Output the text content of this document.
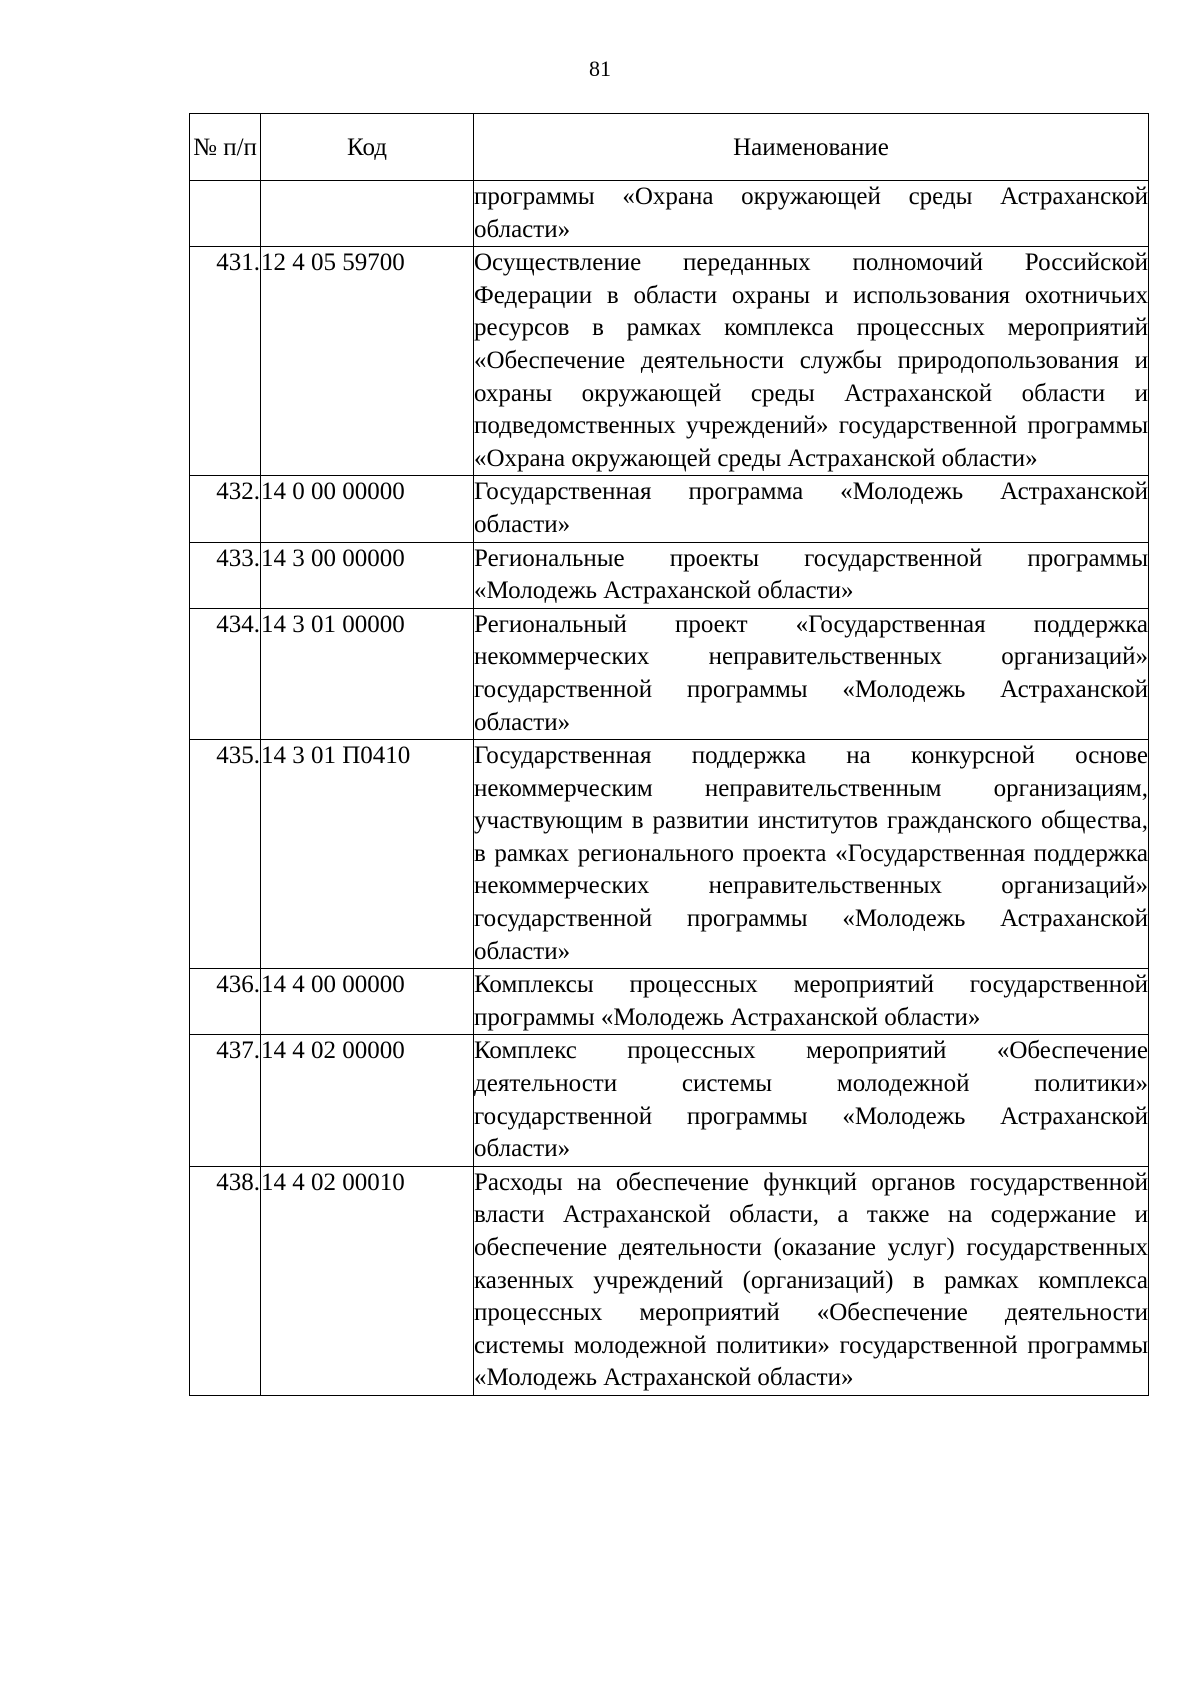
81
№ п/п	Код	Наименование
		программы «Охрана окружающей среды Астраханской области»
431.	12 4 05 59700	Осуществление переданных полномочий Российской Федерации в области охраны и использования охотничьих ресурсов в рамках комплекса процессных мероприятий «Обеспечение деятельности службы природопользования и охраны окружающей среды Астраханской области и подведомственных учреждений» государственной программы «Охрана окружающей среды Астраханской области»
432.	14 0 00 00000	Государственная программа «Молодежь Астраханской области»
433.	14 3 00 00000	Региональные проекты государственной программы «Молодежь Астраханской области»
434.	14 3 01 00000	Региональный проект «Государственная поддержка некоммерческих неправительственных организаций» государственной программы «Молодежь Астраханской области»
435.	14 3 01 П0410	Государственная поддержка на конкурсной основе некоммерческим неправительственным организациям, участвующим в развитии институтов гражданского общества, в рамках регионального проекта «Государственная поддержка некоммерческих неправительственных организаций» государственной программы «Молодежь Астраханской области»
436.	14 4 00 00000	Комплексы процессных мероприятий государственной программы «Молодежь Астраханской области»
437.	14 4 02 00000	Комплекс процессных мероприятий «Обеспечение деятельности системы молодежной политики» государственной программы «Молодежь Астраханской области»
438.	14 4 02 00010	Расходы на обеспечение функций органов государственной власти Астраханской области, а также на содержание и обеспечение деятельности (оказание услуг) государственных казенных учреждений (организаций) в рамках комплекса процессных мероприятий «Обеспечение деятельности системы молодежной политики» государственной программы «Молодежь Астраханской области»
